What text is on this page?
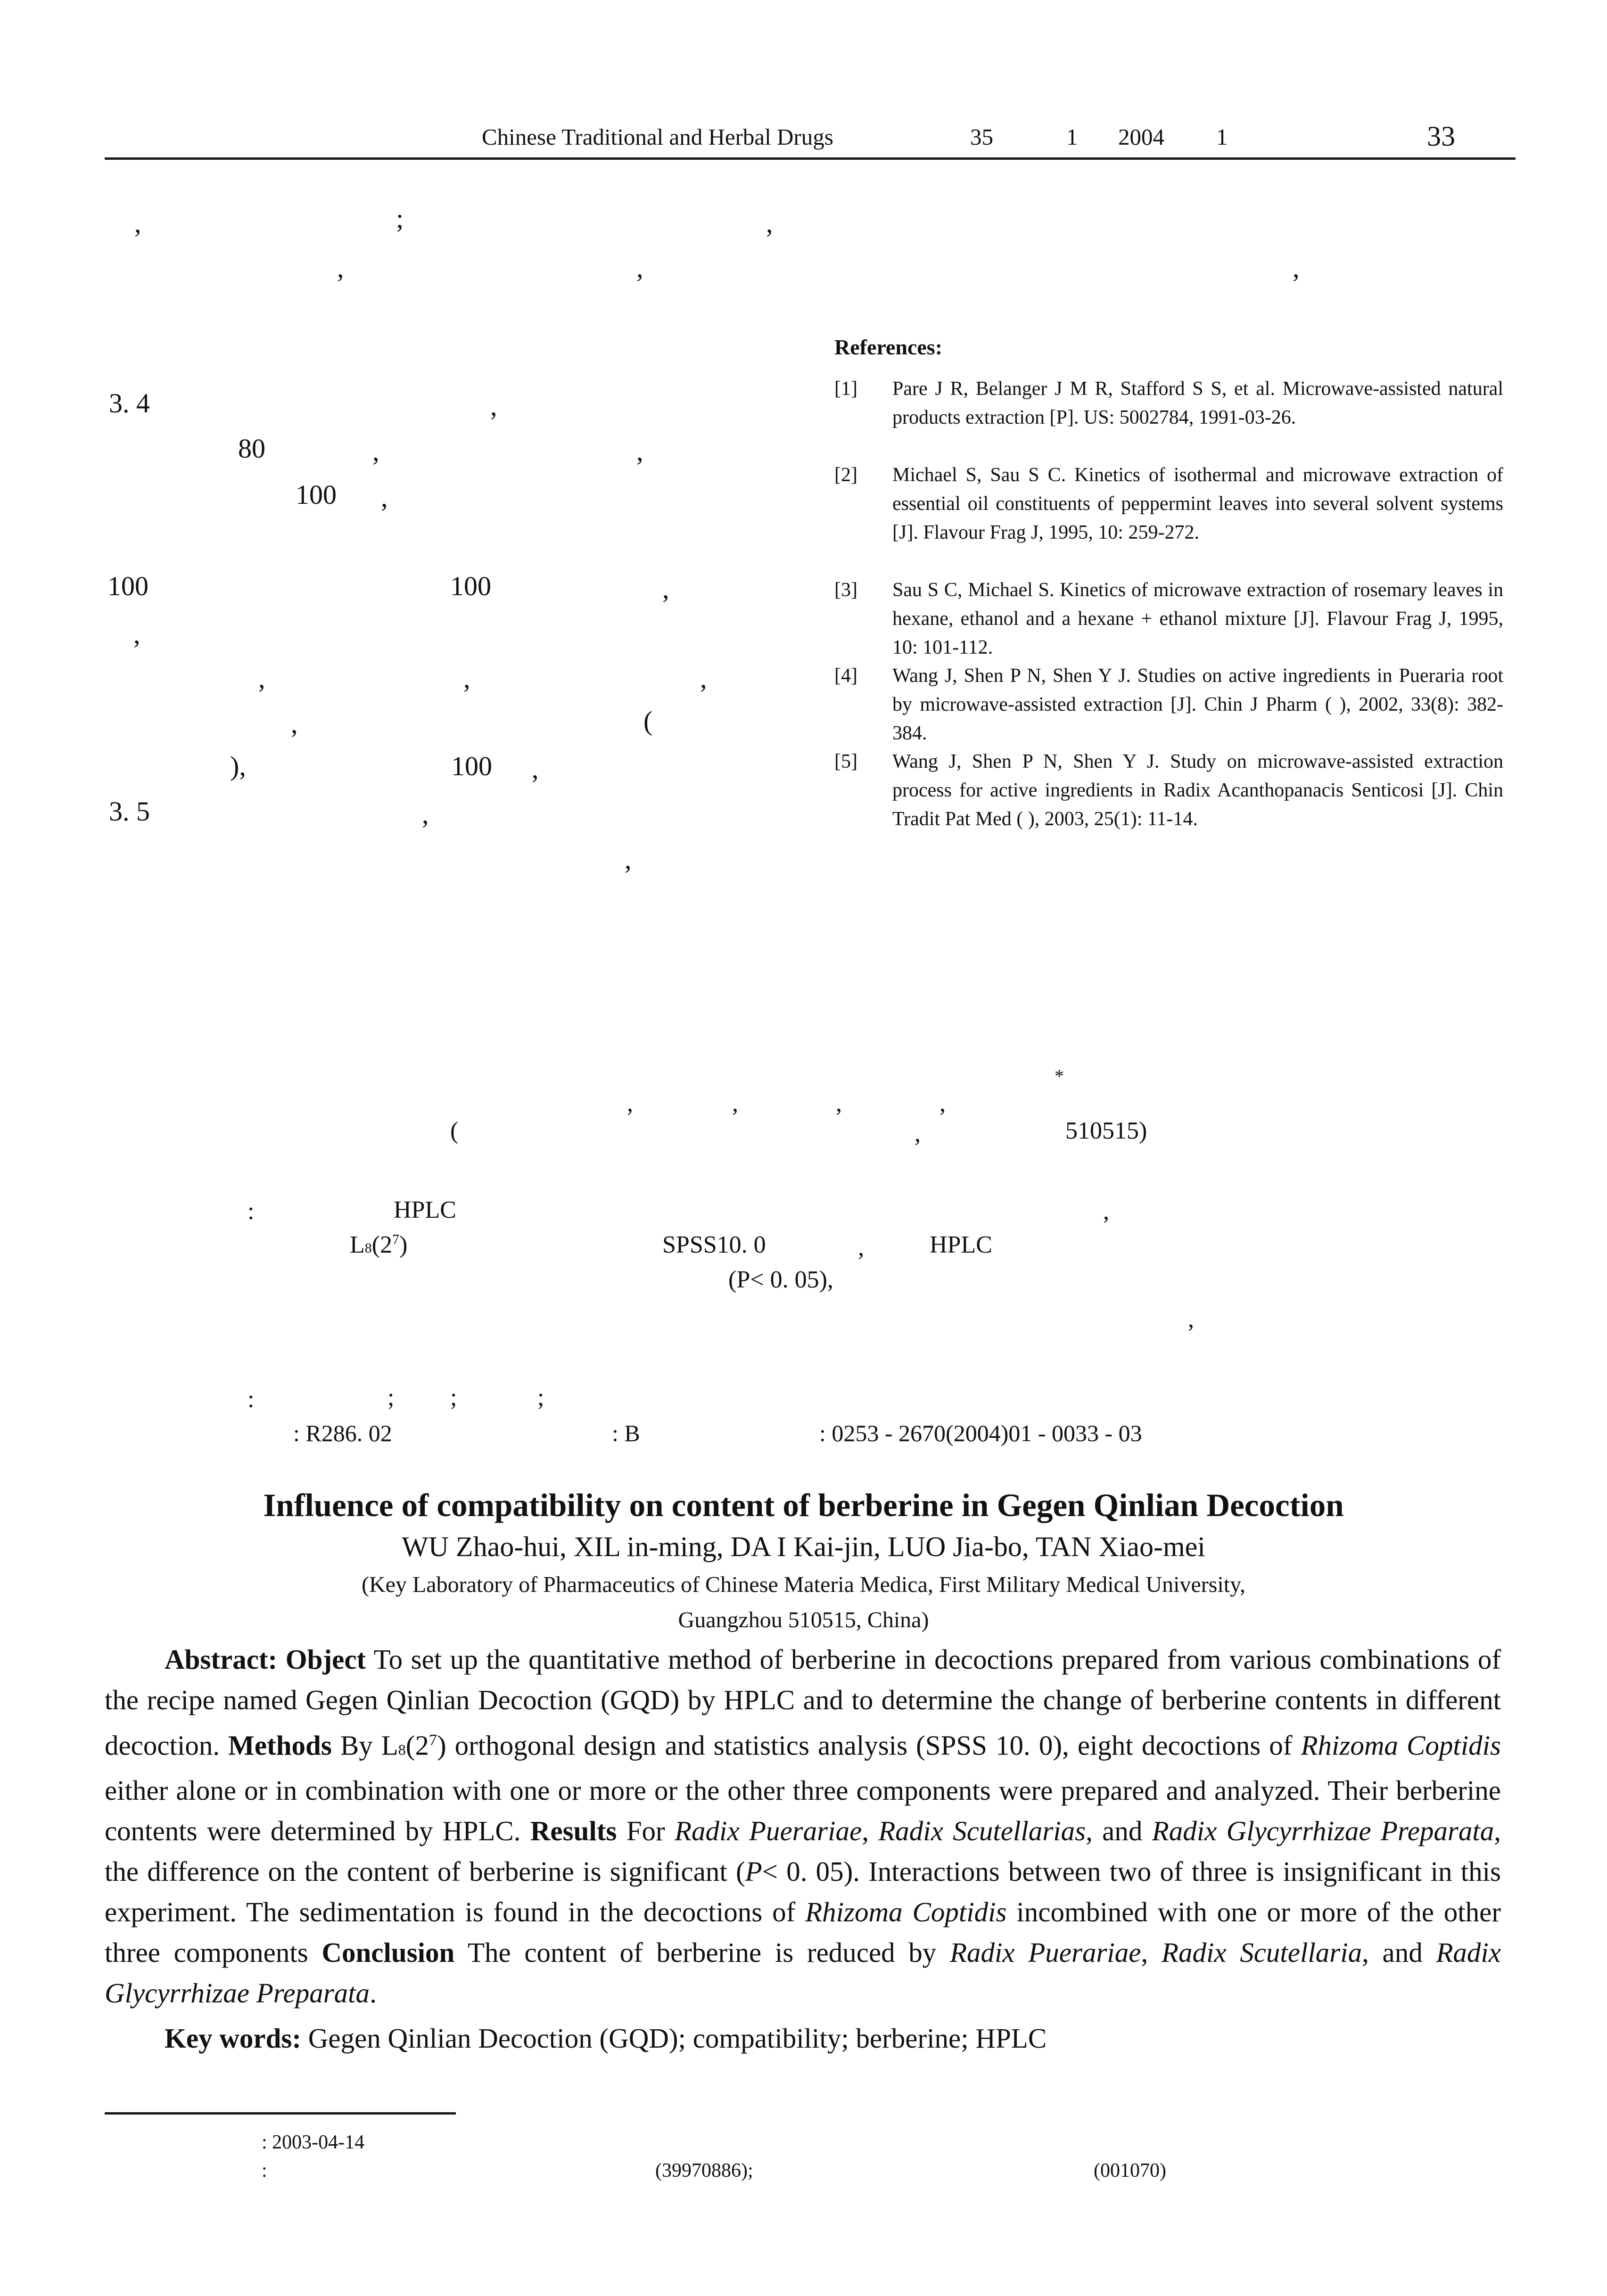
Chinese Traditional and Herbal Drugs	35	1 2004 1	33
,	;	,
,	,	,
3. 4	,
80	,	,
100 ,
100	100	,
,
,	,	,
,	(
),	100 ,
3. 5	,
,
References:
[1] Pare J R, Belanger J M R, Stafford S S, et al. Microwave-assisted natural products extraction [P]. US: 5002784, 1991-03-26.
[2] Michael S, Sau S C. Kinetics of isothermal and microwave extraction of essential oil constituents of peppermint leaves into several solvent systems [J]. Flavour Frag J, 1995, 10: 259-272.
[3] Sau S C, Michael S. Kinetics of microwave extraction of rosemary leaves in hexane, ethanol and a hexane + ethanol mixture [J]. Flavour Frag J, 1995, 10: 101-112.
[4] Wang J, Shen P N, Shen Y J. Studies on active ingredients in Pueraria root by microwave-assisted extraction [J]. Chin J Pharm ( ), 2002, 33(8): 382-384.
[5] Wang J, Shen P N, Shen Y J. Study on microwave-assisted extraction process for active ingredients in Radix Acanthopanacis Senticosi [J]. Chin Tradit Pat Med ( ), 2003, 25(1): 11-14.
*
,	,	,	,
(	,	510515)
:	HPLC	,
$L8(2^7)$	SPSS10. 0	,	HPLC
(P< 0. 05),
,
:	; ;	;
: R286. 02	: B	: 0253 - 2670(2004)01 - 0033 - 03
Influence of compatibility on content of berberine in Gegen Qinlian Decoction
WU Zhao-hui, XIL in-ming, DA I Kai-jin, LUO Jia-bo, TAN Xiao-mei
(Key Laboratory of Pharmaceutics of Chinese Materia Medica, First Military Medical University,
Guangzhou 510515, China)
Abstract: Object To set up the quantitative method of berberine in decoctions prepared from various combinations of the recipe named Gegen Qinlian Decoction (GQD) by HPLC and to determine the change of berberine contents in different decoction. Methods By $L8(2^7)$ orthogonal design and statistics analysis (SPSS 10. 0), eight decoctions of Rhizoma Coptidis either alone or in combination with one or more or the other three components were prepared and analyzed. Their berberine contents were determined by HPLC. Results For Radix Puerariae, Radix Scutellarias, and Radix Glycyrrhizae Preparata, the difference on the content of berberine is significant (P< 0. 05). Interactions between two of three is insignificant in this experiment. The sedimentation is found in the decoctions of Rhizoma Coptidis incombined with one or more of the other three components Conclusion The content of berberine is reduced by Radix Puerariae, Radix Scutellaria, and Radix Glycyrrhizae Preparata.
Key words: Gegen Qinlian Decoction (GQD); compatibility; berberine; HPLC
: 2003-04-14
:	(39970886);	(001070)
